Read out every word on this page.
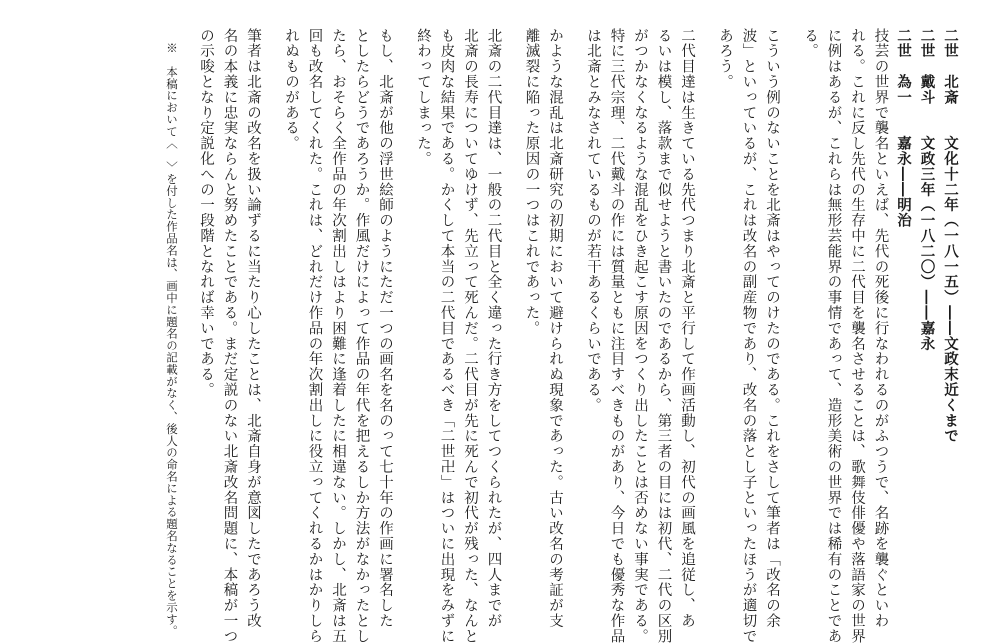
二世　北斎　　文化十二年（一八一五）――文政末近くまで
二世　戴斗　　文政三年（一八二〇）――嘉永
二世　為一　　嘉永――明治
技芸の世界で襲名といえば、先代の死後に行なわれるのがふつうで、名跡を襲ぐといわ
れる。これに反し先代の生存中に二代目を襲名させることは、歌舞伎俳優や落語家の世界
に例はあるが、これらは無形芸能界の事情であって、造形美術の世界では稀有のことであ
る。
こういう例のないことを北斎はやってのけたのである。これをさして筆者は「改名の余
波」といっているが、これは改名の副産物であり、改名の落とし子といったほうが適切で
あろう。
二代目達は生きている先代つまり北斎と平行して作画活動し、初代の画風を追従し、あ
るいは模し、落款まで似せようと書いたのであるから、第三者の目には初代、二代の区別
がつかなくなるような混乱をひき起こす原因をつくり出したことは否めない事実である。
特に三代宗理、二代戴斗の作には質量ともに注目すべきものがあり、今日でも優秀な作品
は北斎とみなされているものが若干あるくらいである。
かような混乱は北斎研究の初期において避けられぬ現象であった。古い改名の考証が支
離滅裂に陥った原因の一つはこれであった。
北斎の二代目達は、一般の二代目と全く違った行き方をしてつくられたが、四人までが
北斎の長寿についてゆけず、先立って死んだ。二代目が先に死んで初代が残った、なんと
も皮肉な結果である。かくして本当の二代目であるべき「二世卍」はついに出現をみずに
終わってしまった。
もし、北斎が他の浮世絵師のようにただ一つの画名を名のって七十年の作画に署名した
としたらどうであろうか。作風だけによって作品の年代を把えるしか方法がなかったとし
たら、おそらく全作品の年次割出しはより困難に逢着したに相違ない。しかし、北斎は五
回も改名してくれた。これは、どれだけ作品の年次割出しに役立ってくれるかはかりしら
れぬものがある。
筆者は北斎の改名を扱い論ずるに当たり心したことは、北斎自身が意図したであろう改
名の本義に忠実ならんと努めたことである。まだ定説のない北斎改名問題に、本稿が一つ
の示唆となり定説化への一段階となれば幸いである。
※　本稿において〈　〉を付した作品名は、画中に題名の記載がなく、後人の命名による題名なることを示す。
